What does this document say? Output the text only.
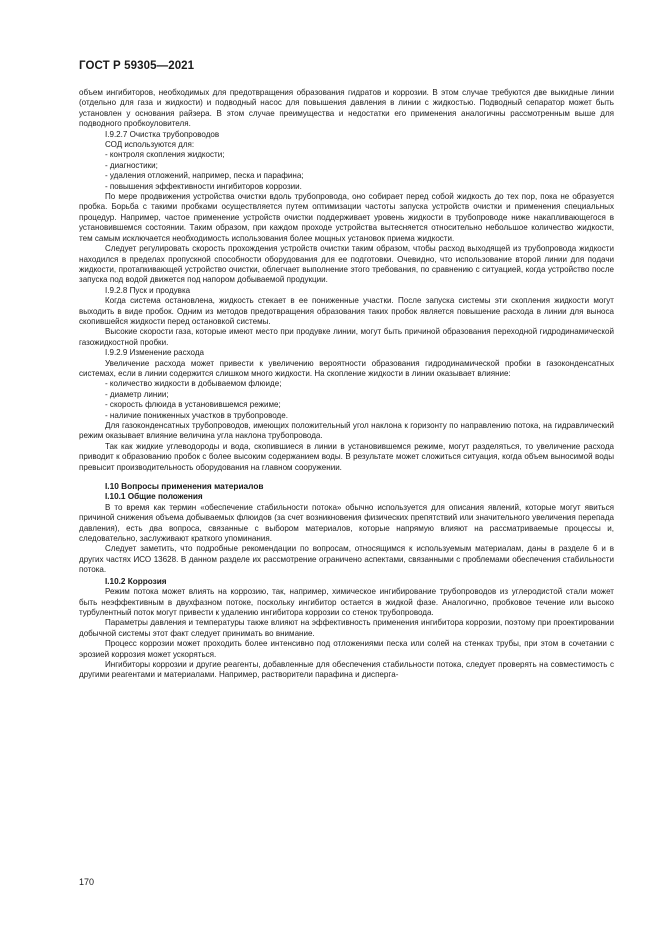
ГОСТ Р 59305—2021

объем ингибиторов, необходимых для предотвращения образования гидратов и коррозии. В этом случае требуются две выкидные линии (отдельно для газа и жидкости) и подводный насос для повышения давления в линии с жидкостью. Подводный сепаратор может быть установлен у основания райзера. В этом случае преимущества и недостатки его применения аналогичны рассмотренным выше для подводного пробкоуловителя.

I.9.2.7 Очистка трубопроводов

СОД используются для:

- контроля скопления жидкости;
- диагностики;
- удаления отложений, например, песка и парафина;
- повышения эффективности ингибиторов коррозии.

По мере продвижения устройства очистки вдоль трубопровода, оно собирает перед собой жидкость до тех пор, пока не образуется пробка. Борьба с такими пробками осуществляется путем оптимизации частоты запуска устройств очистки и применения специальных процедур. Например, частое применение устройств очистки поддерживает уровень жидкости в трубопроводе ниже накапливающегося в установившемся состоянии. Таким образом, при каждом проходе устройства вытесняется относительно небольшое количество жидкости, тем самым исключается необходимость использования более мощных установок приема жидкости.

Следует регулировать скорость прохождения устройств очистки таким образом, чтобы расход выходящей из трубопровода жидкости находился в пределах пропускной способности оборудования для ее подготовки. Очевидно, что использование второй линии для подачи жидкости, протапкивающей устройство очистки, облегчает выполнение этого требования, по сравнению с ситуацией, когда устройство после запуска под водой движется под напором добываемой продукции.

I.9.2.8 Пуск и продувка

Когда система остановлена, жидкость стекает в ее пониженные участки. После запуска системы эти скопления жидкости могут выходить в виде пробок. Одним из методов предотвращения образования таких пробок является повышение расхода в линии для выноса скопившейся жидкости перед остановкой системы.

Высокие скорости газа, которые имеют место при продувке линии, могут быть причиной образования переходной гидродинамической газожидкостной пробки.

I.9.2.9 Изменение расхода

Увеличение расхода может привести к увеличению вероятности образования гидродинамической пробки в газоконденсатных системах, если в линии содержится слишком много жидкости. На скопление жидкости в линии оказывает влияние:

- количество жидкости в добываемом флюиде;
- диаметр линии;
- скорость флюида в установившемся режиме;
- наличие пониженных участков в трубопроводе.

Для газоконденсатных трубопроводов, имеющих положительный угол наклона к горизонту по направлению потока, на гидравлический режим оказывает влияние величина угла наклона трубопровода.

Так как жидкие углеводороды и вода, скопившиеся в линии в установившемся режиме, могут разделяться, то увеличение расхода приводит к образованию пробок с более высоким содержанием воды. В результате может сложиться ситуация, когда объем выносимой воды превысит производительность оборудования на главном сооружении.

I.10 Вопросы применения материалов

I.10.1 Общие положения

В то время как термин «обеспечение стабильности потока» обычно используется для описания явлений, которые могут явиться причиной снижения объема добываемых флюидов (за счет возникновения физических препятствий или значительного увеличения перепада давления), есть два вопроса, связанные с выбором материалов, которые напрямую влияют на рассматриваемые процессы и, следовательно, заслуживают краткого упоминания.

Следует заметить, что подробные рекомендации по вопросам, относящимся к используемым материалам, даны в разделе 6 и в других частях ИСО 13628. В данном разделе их рассмотрение ограничено аспектами, связанными с проблемами обеспечения стабильности потока.

I.10.2 Коррозия

Режим потока может влиять на коррозию, так, например, химическое ингибирование трубопроводов из углеродистой стали может быть неэффективным в двухфазном потоке, поскольку ингибитор остается в жидкой фазе. Аналогично, пробковое течение или высоко турбулентный поток могут привести к удалению ингибитора коррозии со стенок трубопровода.

Параметры давления и температуры также влияют на эффективность применения ингибитора коррозии, поэтому при проектировании добычной системы этот факт следует принимать во внимание.

Процесс коррозии может проходить более интенсивно под отложениями песка или солей на стенках трубы, при этом в сочетании с эрозией коррозия может ускоряться.

Ингибиторы коррозии и другие реагенты, добавленные для обеспечения стабильности потока, следует проверять на совместимость с другими реагентами и материалами. Например, растворители парафина и диспергa-

170
